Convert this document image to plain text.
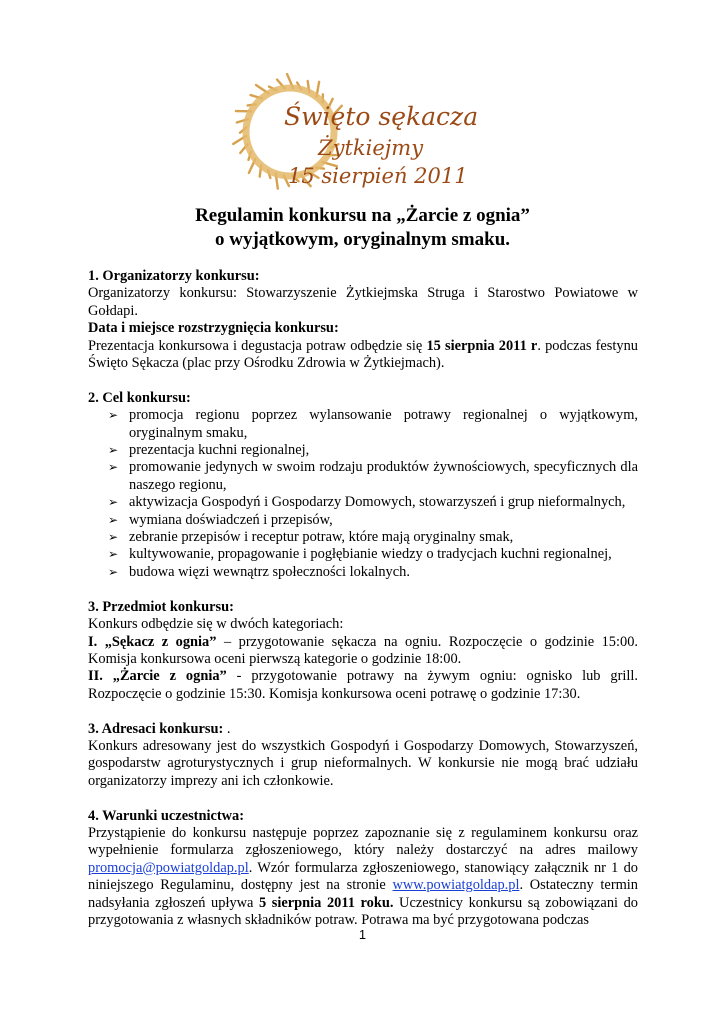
Święto sękacza
Żytkiejmy
15 sierpień 2011
Regulamin konkursu na „Żarcie z ognia”
o wyjątkowym, oryginalnym smaku.

1. Organizatorzy konkursu:

Organizatorzy konkursu: Stowarzyszenie Żytkiejmska Struga i Starostwo Powiatowe w Gołdapi.

Data i miejsce rozstrzygnięcia konkursu:

Prezentacja konkursowa i degustacja potraw odbędzie się 15 sierpnia 2011 r. podczas festynu Święto Sękacza (plac przy Ośrodku Zdrowia w Żytkiejmach).

2. Cel konkursu:

➢ promocja regionu poprzez wylansowanie potrawy regionalnej o wyjątkowym, oryginalnym smaku,
➢ prezentacja kuchni regionalnej,
➢ promowanie jedynych w swoim rodzaju produktów żywnościowych, specyficznych dla naszego regionu,
➢ aktywizacja Gospodyń i Gospodarzy Domowych, stowarzyszeń i grup nieformalnych,
➢ wymiana doświadczeń i przepisów,
➢ zebranie przepisów i receptur potraw, które mają oryginalny smak,
➢ kultywowanie, propagowanie i pogłębianie wiedzy o tradycjach kuchni regionalnej,
➢ budowa więzi wewnątrz społeczności lokalnych.

3. Przedmiot konkursu:

Konkurs odbędzie się w dwóch kategoriach:

I. „Sękacz z ognia” – przygotowanie sękacza na ogniu. Rozpoczęcie o godzinie 15:00. Komisja konkursowa oceni pierwszą kategorie o godzinie 18:00.

II. „Żarcie z ognia” - przygotowanie potrawy na żywym ogniu: ognisko lub grill. Rozpoczęcie o godzinie 15:30. Komisja konkursowa oceni potrawę o godzinie 17:30.

3. Adresaci konkursu: .

Konkurs adresowany jest do wszystkich Gospodyń i Gospodarzy Domowych, Stowarzyszeń, gospodarstw agroturystycznych i grup nieformalnych. W konkursie nie mogą brać udziału organizatorzy imprezy ani ich członkowie.

4. Warunki uczestnictwa:

Przystąpienie do konkursu następuje poprzez zapoznanie się z regulaminem konkursu oraz wypełnienie formularza zgłoszeniowego, który należy dostarczyć na adres mailowy promocja@powiatgoldap.pl. Wzór formularza zgłoszeniowego, stanowiący załącznik nr 1 do niniejszego Regulaminu, dostępny jest na stronie www.powiatgoldap.pl. Ostateczny termin nadsyłania zgłoszeń upływa 5 sierpnia 2011 roku. Uczestnicy konkursu są zobowiązani do przygotowania z własnych składników potraw. Potrawa ma być przygotowana podczas

1
